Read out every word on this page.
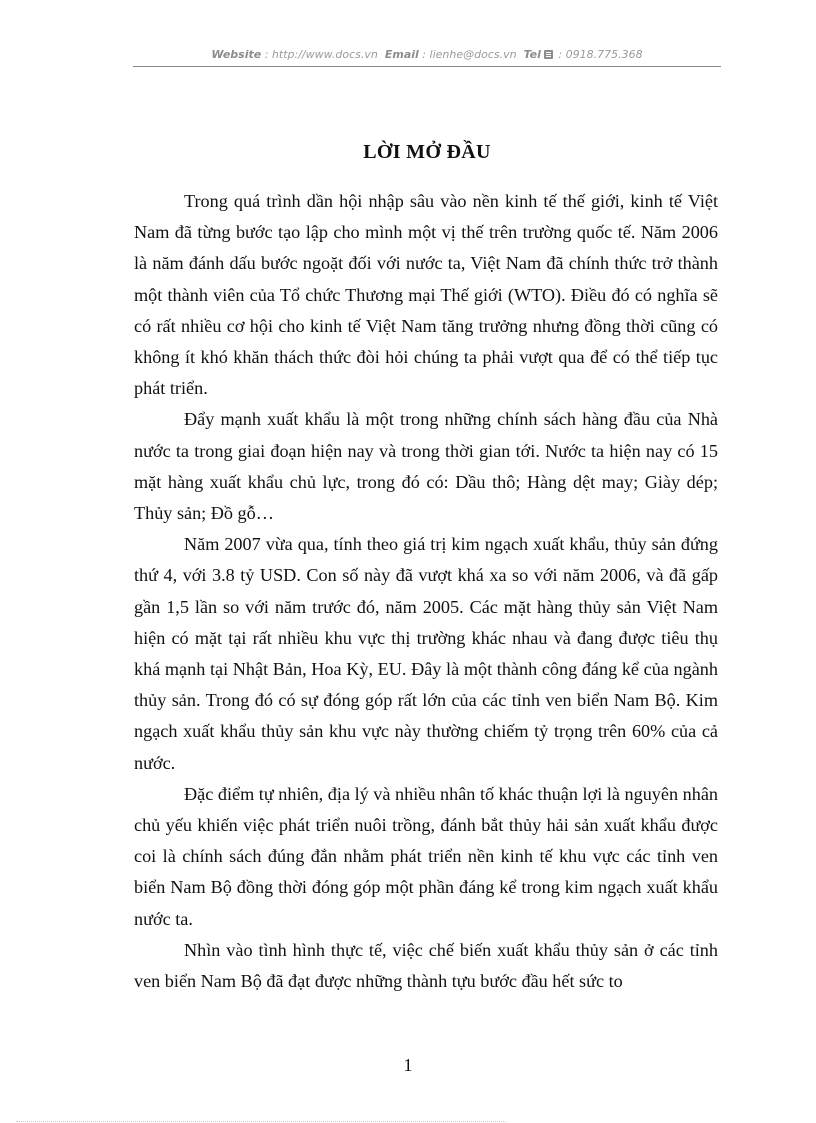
Website : http://www.docs.vn Email : lienhe@docs.vn Tel : 0918.775.368
LỜI MỞ ĐẦU

Trong quá trình dần hội nhập sâu vào nền kinh tế thế giới, kinh tế Việt Nam đã từng bước tạo lập cho mình một vị thế trên trường quốc tế. Năm 2006 là năm đánh dấu bước ngoặt đối với nước ta, Việt Nam đã chính thức trở thành một thành viên của Tổ chức Thương mại Thế giới (WTO). Điều đó có nghĩa sẽ có rất nhiều cơ hội cho kinh tế Việt Nam tăng trưởng nhưng đồng thời cũng có không ít khó khăn thách thức đòi hỏi chúng ta phải vượt qua để có thể tiếp tục phát triển.

Đẩy mạnh xuất khẩu là một trong những chính sách hàng đầu của Nhà nước ta trong giai đoạn hiện nay và trong thời gian tới. Nước ta hiện nay có 15 mặt hàng xuất khẩu chủ lực, trong đó có: Dầu thô; Hàng dệt may; Giày dép; Thủy sản; Đồ gỗ…

Năm 2007 vừa qua, tính theo giá trị kim ngạch xuất khẩu, thủy sản đứng thứ 4, với 3.8 tỷ USD. Con số này đã vượt khá xa so với năm 2006, và đã gấp gần 1,5 lần so với năm trước đó, năm 2005. Các mặt hàng thủy sản Việt Nam hiện có mặt tại rất nhiều khu vực thị trường khác nhau và đang được tiêu thụ khá mạnh tại Nhật Bản, Hoa Kỳ, EU. Đây là một thành công đáng kể của ngành thủy sản. Trong đó có sự đóng góp rất lớn của các tỉnh ven biển Nam Bộ. Kim ngạch xuất khẩu thủy sản khu vực này thường chiếm tỷ trọng trên 60% của cả nước.

Đặc điểm tự nhiên, địa lý và nhiều nhân tố khác thuận lợi là nguyên nhân chủ yếu khiến việc phát triển nuôi trồng, đánh bắt thủy hải sản xuất khẩu được coi là chính sách đúng đắn nhằm phát triển nền kinh tế khu vực các tỉnh ven biển Nam Bộ đồng thời đóng góp một phần đáng kể trong kim ngạch xuất khẩu nước ta.

Nhìn vào tình hình thực tế, việc chế biến xuất khẩu thủy sản ở các tỉnh ven biển Nam Bộ đã đạt được những thành tựu bước đầu hết sức to

1
